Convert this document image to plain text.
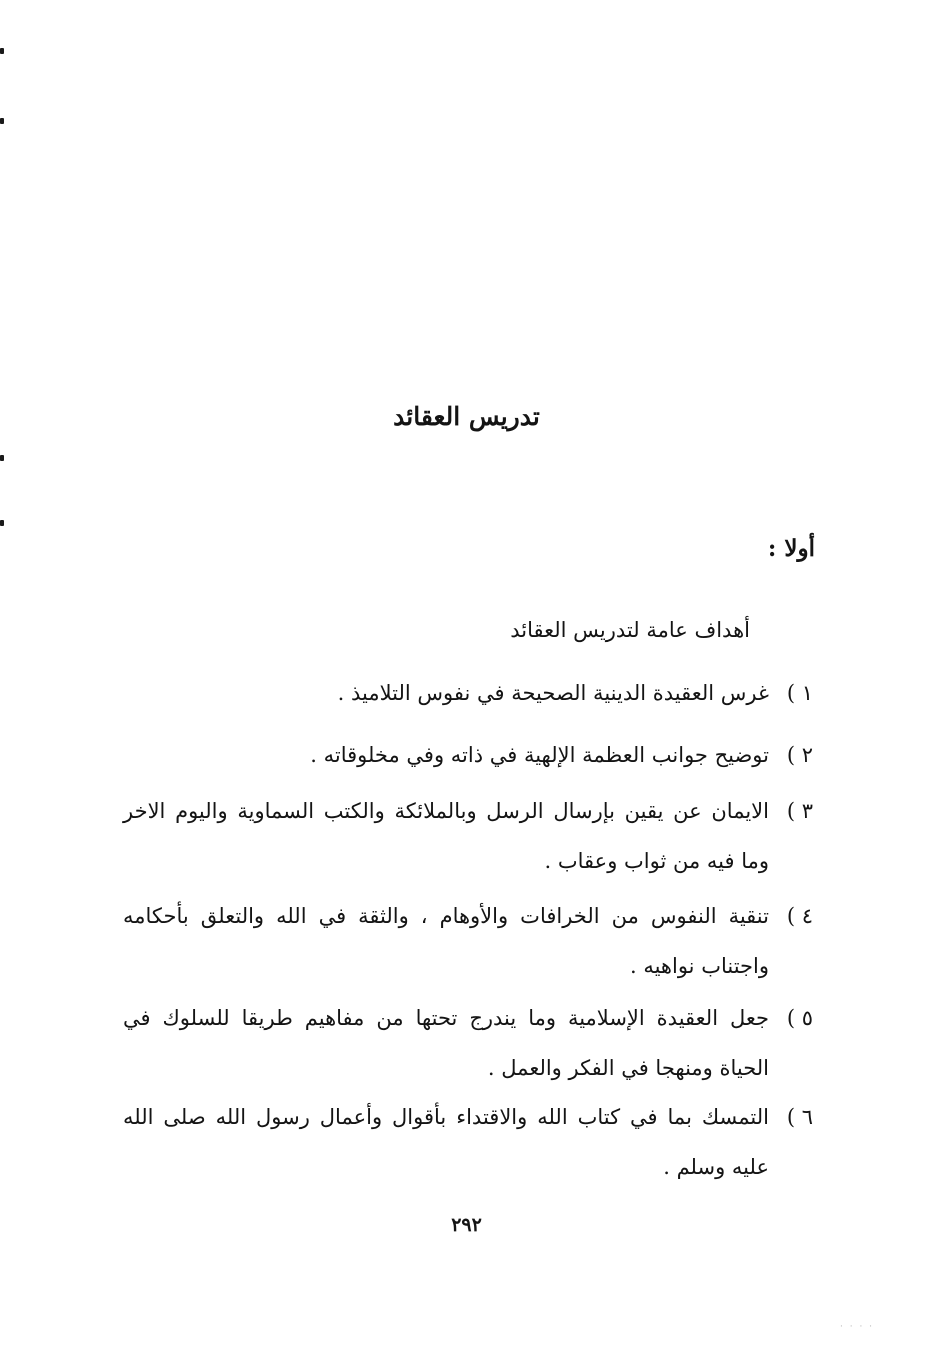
تدريس العقائد
أولا :
أهداف عامة لتدريس العقائد
١ )
غرس العقيدة الدينية الصحيحة في نفوس التلاميذ .
٢ )
توضيح جوانب العظمة الإلهية في ذاته وفي مخلوقاته .
٣ )
الايمان عن يقين بإرسال الرسل وبالملائكة والكتب السماوية واليوم الاخر وما فيه من ثواب وعقاب .
٤ )
تنقية النفوس من الخرافات والأوهام ، والثقة في الله والتعلق بأحكامه واجتناب نواهيه .
٥ )
جعل العقيدة الإسلامية وما يندرج تحتها من مفاهيم طريقا للسلوك في الحياة ومنهجا في الفكر والعمل .
٦ )
التمسك بما في كتاب الله والاقتداء بأقوال وأعمال رسول الله صلى الله عليه وسلم .
٢٩٢
· · · ·
